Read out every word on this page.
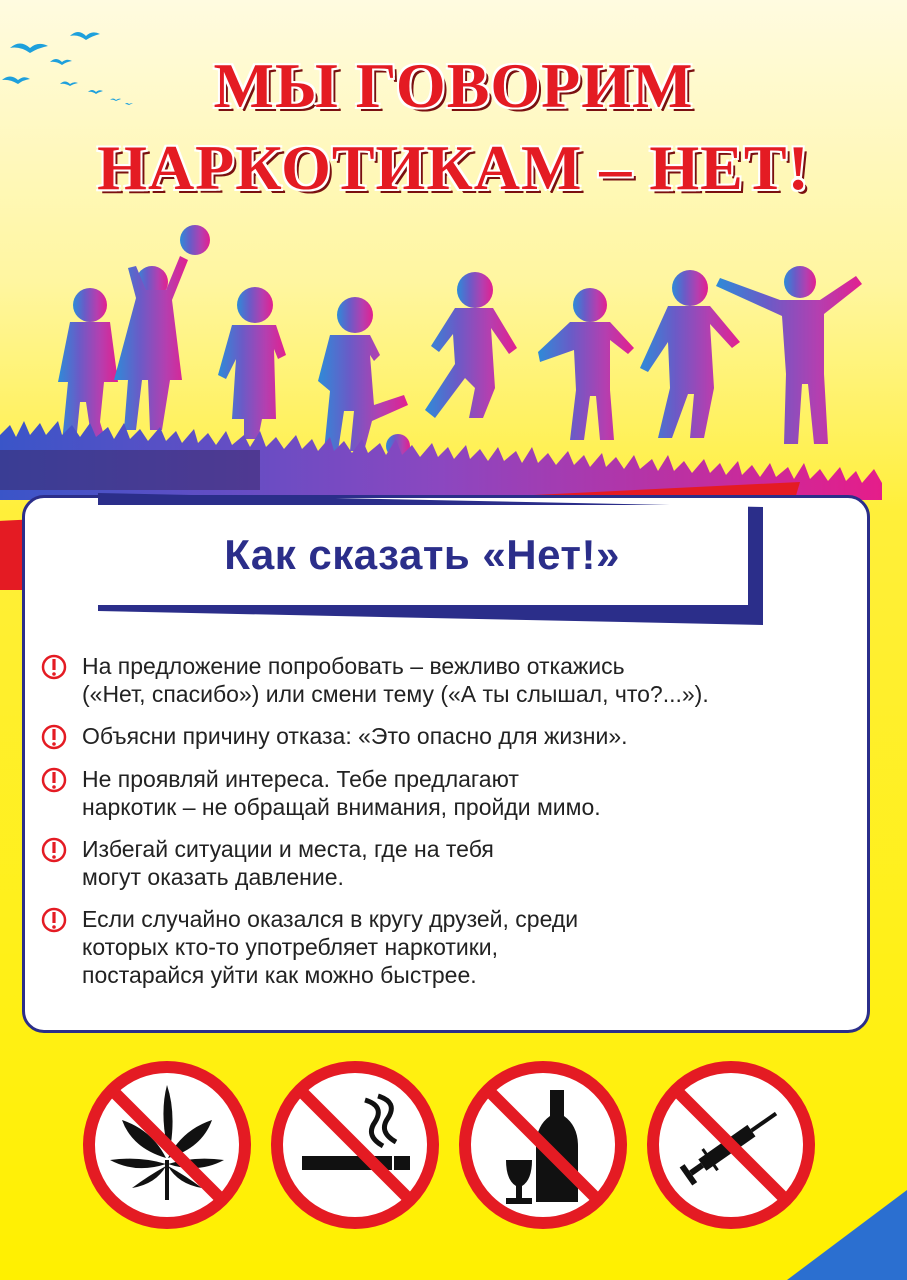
МЫ ГОВОРИМ
НАРКОТИКАМ – НЕТ!
Как сказать «Нет!»
На предложение попробовать – вежливо откажись
(«Нет, спасибо») или смени тему («А ты слышал, что?...»).
Объясни причину отказа: «Это опасно для жизни».
Не проявляй интереса. Тебе предлагают
наркотик – не обращай внимания, пройди мимо.
Избегай ситуации и места, где на тебя
могут оказать давление.
Если случайно оказался в кругу друзей, среди
которых кто-то употребляет наркотики,
постарайся уйти как можно быстрее.
